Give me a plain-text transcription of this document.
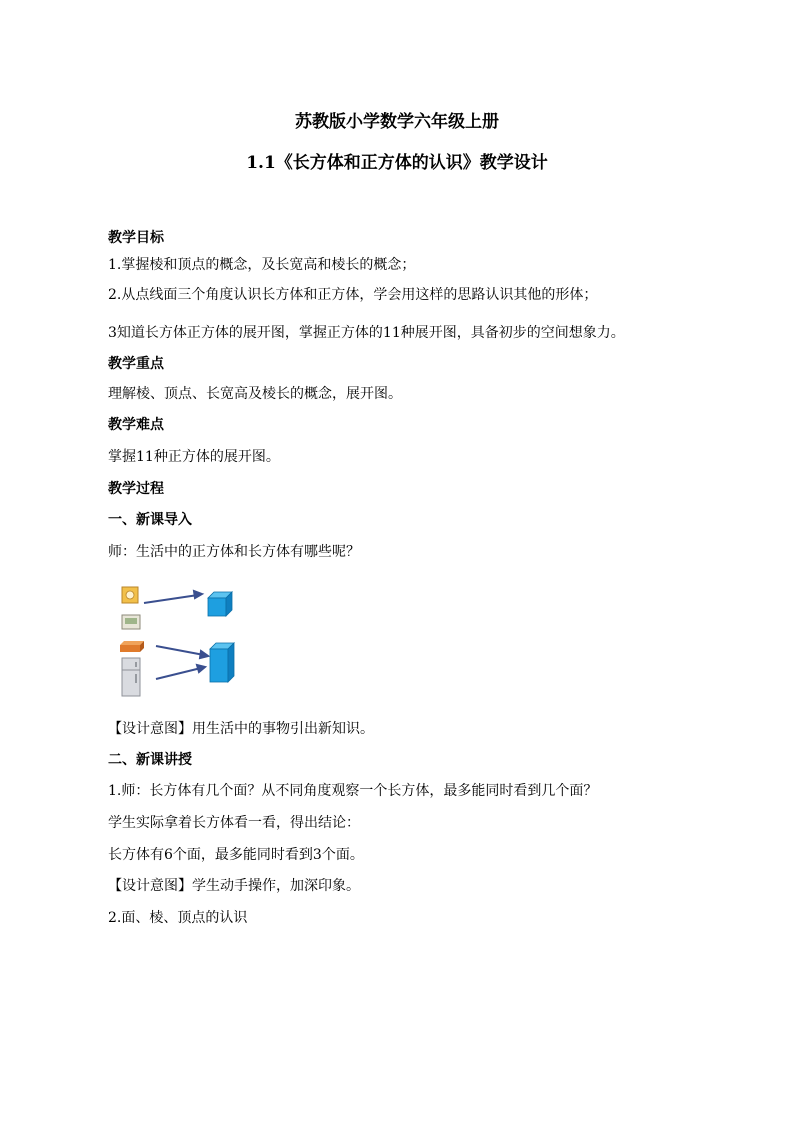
苏教版小学数学六年级上册
1.1《长方体和正方体的认识》教学设计
教学目标
1.掌握棱和顶点的概念，及长宽高和棱长的概念；
2.从点线面三个角度认识长方体和正方体，学会用这样的思路认识其他的形体；
3知道长方体正方体的展开图，掌握正方体的11种展开图，具备初步的空间想象力。
教学重点
理解棱、顶点、长宽高及棱长的概念，展开图。
教学难点
掌握11种正方体的展开图。
教学过程
一、新课导入
师：生活中的正方体和长方体有哪些呢？
【设计意图】用生活中的事物引出新知识。
二、新课讲授
1.师：长方体有几个面？从不同角度观察一个长方体，最多能同时看到几个面？
学生实际拿着长方体看一看，得出结论：
长方体有6个面，最多能同时看到3个面。
【设计意图】学生动手操作，加深印象。
2.面、棱、顶点的认识
